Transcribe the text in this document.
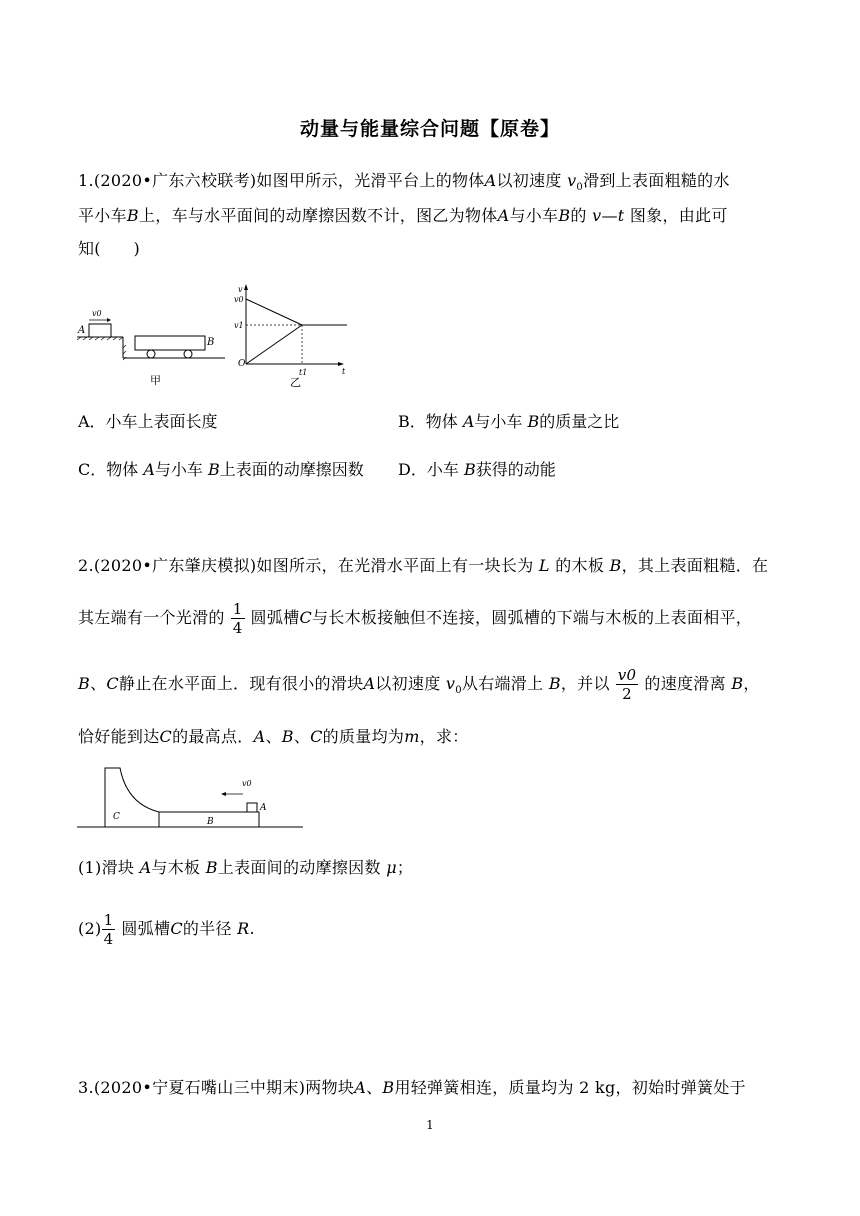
动量与能量综合问题【原卷】
1.(2020•广东六校联考)如图甲所示，光滑平台上的物体A以初速度 $v_0$滑到上表面粗糙的水
平小车B上，车与水平面间的动摩擦因数不计，图乙为物体A与小车B的 v—t 图象，由此可
知(　　)
A
B
v0
甲
v
v0
v1
O
t1	t
乙
A．小车上表面长度	B．物体 A与小车 B的质量之比
C．物体 A与小车 B上表面的动摩擦因数 D．小车 B获得的动能
2.(2020•广东肇庆模拟)如图所示，在光滑水平面上有一块长为 L 的木板 B，其上表面粗糙．在
其左端有一个光滑的 $\frac{1}{4}$ 圆弧槽C与长木板接触但不连接，圆弧槽的下端与木板的上表面相平，
B、C静止在水平面上．现有很小的滑块A以初速度 $v_0$从右端滑上 B，并以 $\frac{v0}{2}$ 的速度滑离 B，
恰好能到达C的最高点．A、B、C的质量均为m，求：
C	B
A
v0
(1)滑块 A与木板 B上表面间的动摩擦因数 μ；
$(2) \frac{1}{4}$ 圆弧槽C的半径 R.
3.(2020•宁夏石嘴山三中期末)两物块A、B用轻弹簧相连，质量均为 2 kg，初始时弹簧处于
1
